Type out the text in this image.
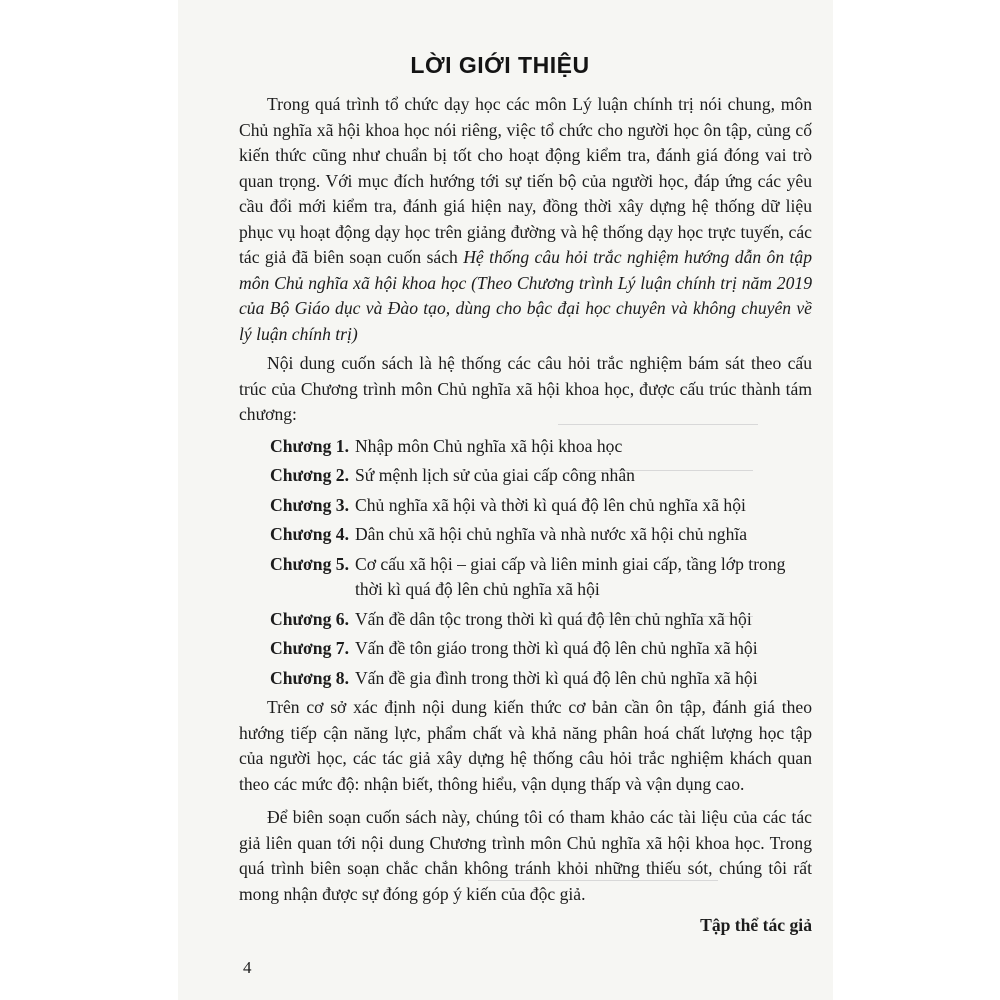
LỜI GIỚI THIỆU

Trong quá trình tổ chức dạy học các môn Lý luận chính trị nói chung, môn Chủ nghĩa xã hội khoa học nói riêng, việc tổ chức cho người học ôn tập, củng cố kiến thức cũng như chuẩn bị tốt cho hoạt động kiểm tra, đánh giá đóng vai trò quan trọng. Với mục đích hướng tới sự tiến bộ của người học, đáp ứng các yêu cầu đổi mới kiểm tra, đánh giá hiện nay, đồng thời xây dựng hệ thống dữ liệu phục vụ hoạt động dạy học trên giảng đường và hệ thống dạy học trực tuyến, các tác giả đã biên soạn cuốn sách Hệ thống câu hỏi trắc nghiệm hướng dẫn ôn tập môn Chủ nghĩa xã hội khoa học (Theo Chương trình Lý luận chính trị năm 2019 của Bộ Giáo dục và Đào tạo, dùng cho bậc đại học chuyên và không chuyên về lý luận chính trị)

Nội dung cuốn sách là hệ thống các câu hỏi trắc nghiệm bám sát theo cấu trúc của Chương trình môn Chủ nghĩa xã hội khoa học, được cấu trúc thành tám chương:

Chương 1. Nhập môn Chủ nghĩa xã hội khoa học
Chương 2. Sứ mệnh lịch sử của giai cấp công nhân
Chương 3. Chủ nghĩa xã hội và thời kì quá độ lên chủ nghĩa xã hội
Chương 4. Dân chủ xã hội chủ nghĩa và nhà nước xã hội chủ nghĩa
Chương 5. Cơ cấu xã hội – giai cấp và liên minh giai cấp, tầng lớp trong thời kì quá độ lên chủ nghĩa xã hội
Chương 6. Vấn đề dân tộc trong thời kì quá độ lên chủ nghĩa xã hội
Chương 7. Vấn đề tôn giáo trong thời kì quá độ lên chủ nghĩa xã hội
Chương 8. Vấn đề gia đình trong thời kì quá độ lên chủ nghĩa xã hội

Trên cơ sở xác định nội dung kiến thức cơ bản cần ôn tập, đánh giá theo hướng tiếp cận năng lực, phẩm chất và khả năng phân hoá chất lượng học tập của người học, các tác giả xây dựng hệ thống câu hỏi trắc nghiệm khách quan theo các mức độ: nhận biết, thông hiểu, vận dụng thấp và vận dụng cao.

Để biên soạn cuốn sách này, chúng tôi có tham khảo các tài liệu của các tác giả liên quan tới nội dung Chương trình môn Chủ nghĩa xã hội khoa học. Trong quá trình biên soạn chắc chắn không tránh khỏi những thiếu sót, chúng tôi rất mong nhận được sự đóng góp ý kiến của độc giả.

Tập thể tác giả
4
